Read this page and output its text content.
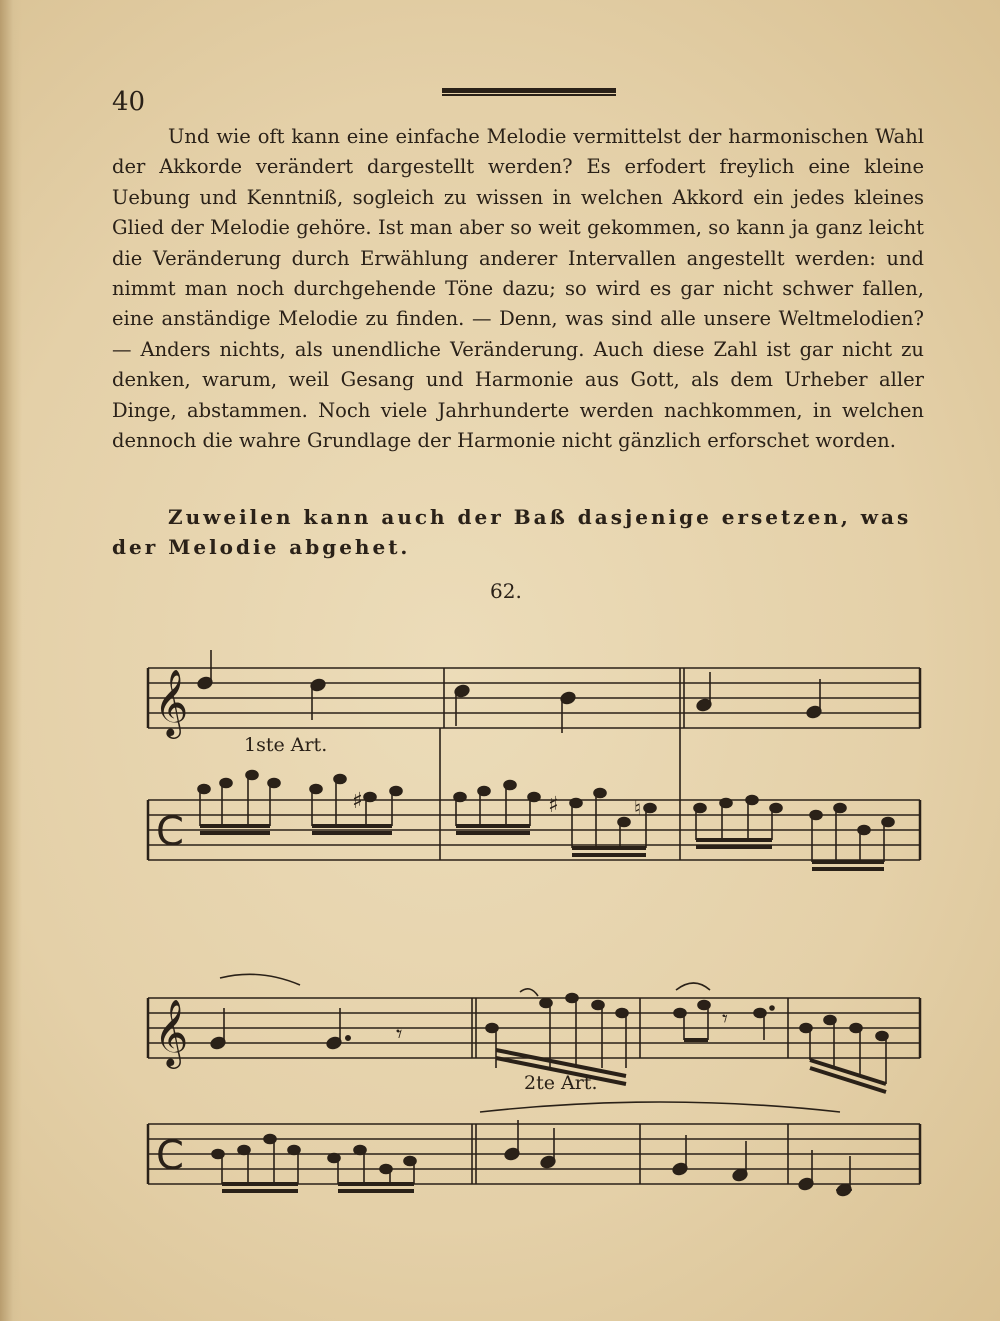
40

Und wie oft kann eine einfache Melodie vermittelst der harmonischen Wahl der Akkorde verändert dargestellt werden? Es erfodert freylich eine kleine Uebung und Kenntniß, sogleich zu wissen in welchen Akkord ein jedes kleines Glied der Melodie gehöre. Ist man aber so weit gekommen, so kann ja ganz leicht die Veränderung durch Erwählung anderer Intervallen angestellt werden: und nimmt man noch durchgehende Töne dazu; so wird es gar nicht schwer fallen, eine anständige Melodie zu finden. — Denn, was sind alle unsere Weltmelodien? — Anders nichts, als unendliche Veränderung. Auch diese Zahl ist gar nicht zu denken, warum, weil Gesang und Harmonie aus Gott, als dem Urheber aller Dinge, abstammen. Noch viele Jahrhunderte werden nachkommen, in welchen dennoch die wahre Grundlage der Harmonie nicht gänzlich erforschet worden.

Zuweilen kann auch der Baß dasjenige ersetzen, was der Melodie abgehet.

62.
𝄞
C
♯	♯	♮
𝄞	𝄾
𝄾
C
1ste Art.
2te Art.
